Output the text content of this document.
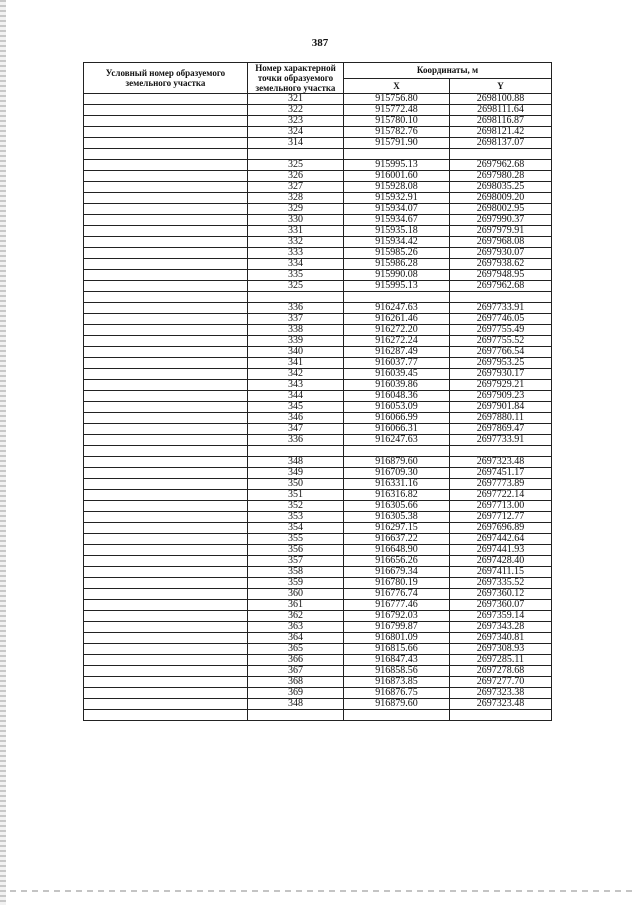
387
Условный номер образуемого земельного участка	Номер характерной точки образуемого земельного участка	Координаты, м	
		X	Y
	321	915756.80	2698100.88
	322	915772.48	2698111.64
	323	915780.10	2698116.87
	324	915782.76	2698121.42
	314	915791.90	2698137.07

	325	915995.13	2697962.68
	326	916001.60	2697980.28
	327	915928.08	2698035.25
	328	915932.91	2698009.20
	329	915934.07	2698002.95
	330	915934.67	2697990.37
	331	915935.18	2697979.91
	332	915934.42	2697968.08
	333	915985.26	2697930.07
	334	915986.28	2697938.62
	335	915990.08	2697948.95
	325	915995.13	2697962.68

	336	916247.63	2697733.91
	337	916261.46	2697746.05
	338	916272.20	2697755.49
	339	916272.24	2697755.52
	340	916287.49	2697766.54
	341	916037.77	2697953.25
	342	916039.45	2697930.17
	343	916039.86	2697929.21
	344	916048.36	2697909.23
	345	916053.09	2697901.84
	346	916066.99	2697880.11
	347	916066.31	2697869.47
	336	916247.63	2697733.91

	348	916879.60	2697323.48
	349	916709.30	2697451.17
	350	916331.16	2697773.89
	351	916316.82	2697722.14
	352	916305.66	2697713.00
	353	916305.38	2697712.77
	354	916297.15	2697696.89
	355	916637.22	2697442.64
	356	916648.90	2697441.93
	357	916656.26	2697428.40
	358	916679.34	2697411.15
	359	916780.19	2697335.52
	360	916776.74	2697360.12
	361	916777.46	2697360.07
	362	916792.03	2697359.14
	363	916799.87	2697343.28
	364	916801.09	2697340.81
	365	916815.66	2697308.93
	366	916847.43	2697285.11
	367	916858.56	2697278.68
	368	916873.85	2697277.70
	369	916876.75	2697323.38
	348	916879.60	2697323.48
